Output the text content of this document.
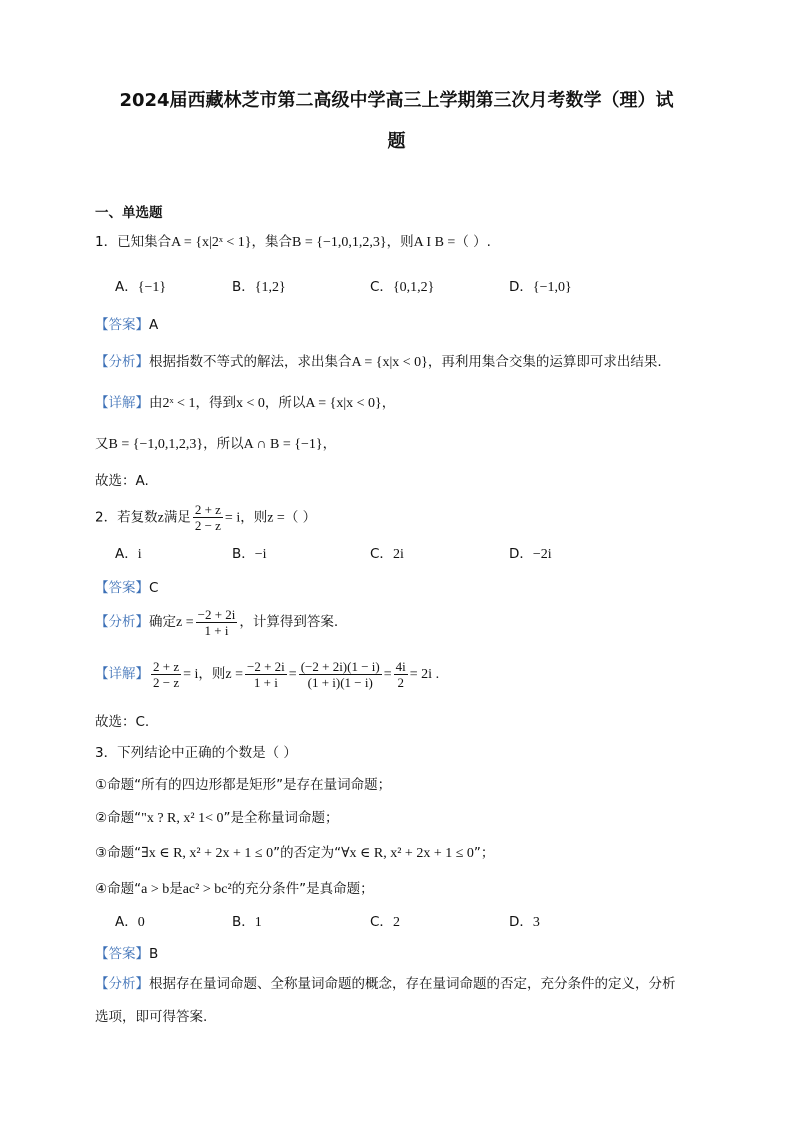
2024届西藏林芝市第二高级中学高三上学期第三次月考数学（理）试
题
一、单选题
1．已知集合A = {x|2ˣ < 1}，集合B = {−1,0,1,2,3}，则A I B =（ ）.
A．{−1}	B．{1,2}	C．{0,1,2}	D．{−1,0}
【答案】A
【分析】根据指数不等式的解法，求出集合A = {x|x < 0}，再利用集合交集的运算即可求出结果.
【详解】由2ˣ < 1，得到x < 0，所以A = {x|x < 0}，
又B = {−1,0,1,2,3}，所以A ∩ B = {−1}，
故选：A.
2．若复数z满足 $\frac{2 + z}{2 - z} = i$，则z =（ ）
A．i	B．−i	C．2i	D．−2i
【答案】C
【分析】确定$z = \frac{-2 + 2i}{1 + i}$ ，计算得到答案.
【详解】 $\frac{2 + z}{2 - z} = i$，则$z = \frac{-2 + 2i}{1 + i} = \frac{(-2 + 2i)(1 - i)}{(1 + i)(1 - i)} = \frac{4i}{2} = 2i$ .
故选：C.
3．下列结论中正确的个数是（ ）
①命题“所有的四边形都是矩形”是存在量词命题；
②命题“"x ? R, x² 1< 0”是全称量词命题；
③命题“∃x ∈ R, x² + 2x + 1 ≤ 0”的否定为“∀x ∈ R, x² + 2x + 1 ≤ 0”；
④命题“a > b是ac² > bc²的充分条件”是真命题；
A．0	B．1	C．2	D．3
【答案】B
【分析】根据存在量词命题、全称量词命题的概念，存在量词命题的否定，充分条件的定义，分析
选项，即可得答案.
